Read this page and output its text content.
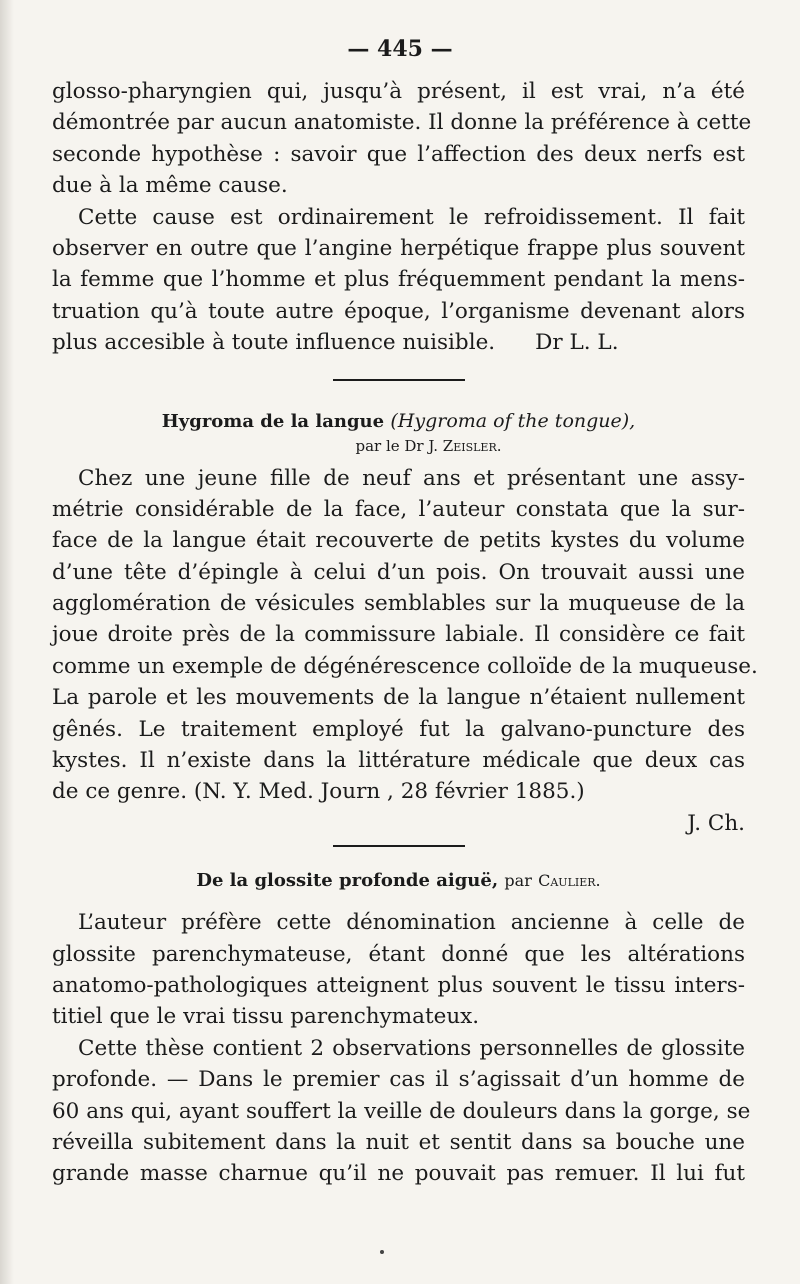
— 445 —
glosso-pharyngien qui, jusqu’à présent, il est vrai, n’a été
démontrée par aucun anatomiste. Il donne la préférence à cette
seconde hypothèse : savoir que l’affection des deux nerfs est
due à la même cause.
Cette cause est ordinairement le refroidissement. Il fait
observer en outre que l’angine herpétique frappe plus souvent
la femme que l’homme et plus fréquemment pendant la mens-
truation qu’à toute autre époque, l’organisme devenant alors
plus accesible à toute influence nuisible. Dr L. L.
Hygroma de la langue (Hygroma of the tongue),
par le Dr J. Zeisler.
Chez une jeune fille de neuf ans et présentant une assy-
métrie considérable de la face, l’auteur constata que la sur-
face de la langue était recouverte de petits kystes du volume
d’une tête d’épingle à celui d’un pois. On trouvait aussi une
agglomération de vésicules semblables sur la muqueuse de la
joue droite près de la commissure labiale. Il considère ce fait
comme un exemple de dégénérescence colloïde de la muqueuse.
La parole et les mouvements de la langue n’étaient nullement
gênés. Le traitement employé fut la galvano-puncture des
kystes. Il n’existe dans la littérature médicale que deux cas
de ce genre. (N. Y. Med. Journ , 28 février 1885.)
J. Ch.
De la glossite profonde aiguë, par Caulier.
L’auteur préfère cette dénomination ancienne à celle de
glossite parenchymateuse, étant donné que les altérations
anatomo-pathologiques atteignent plus souvent le tissu inters-
titiel que le vrai tissu parenchymateux.
Cette thèse contient 2 observations personnelles de glossite
profonde. — Dans le premier cas il s’agissait d’un homme de
60 ans qui, ayant souffert la veille de douleurs dans la gorge, se
réveilla subitement dans la nuit et sentit dans sa bouche une
grande masse charnue qu’il ne pouvait pas remuer. Il lui fut
